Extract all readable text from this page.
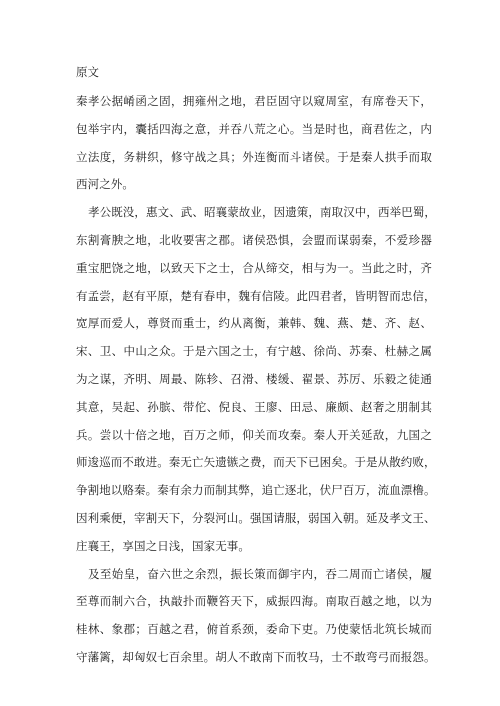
原文
秦孝公据崤函之固，拥雍州之地，君臣固守以窥周室，有席卷天下，
包举宇内，囊括四海之意，并吞八荒之心。当是时也，商君佐之，内
立法度，务耕织，修守战之具；外连衡而斗诸侯。于是秦人拱手而取
西河之外。
孝公既没，惠文、武、昭襄蒙故业，因遗策，南取汉中，西举巴蜀，
东割膏腴之地，北收要害之郡。诸侯恐惧，会盟而谋弱秦，不爱珍器
重宝肥饶之地，以致天下之士，合从缔交，相与为一。当此之时，齐
有孟尝，赵有平原，楚有春申，魏有信陵。此四君者，皆明智而忠信，
宽厚而爱人，尊贤而重士，约从离衡，兼韩、魏、燕、楚、齐、赵、
宋、卫、中山之众。于是六国之士，有宁越、徐尚、苏秦、杜赫之属
为之谋，齐明、周最、陈轸、召滑、楼缓、翟景、苏厉、乐毅之徒通
其意，吴起、孙膑、带佗、倪良、王廖、田忌、廉颇、赵奢之朋制其
兵。尝以十倍之地，百万之师，仰关而攻秦。秦人开关延敌，九国之
师逡巡而不敢进。秦无亡矢遗镞之费，而天下已困矣。于是从散约败，
争割地以赂秦。秦有余力而制其弊，追亡逐北，伏尸百万，流血漂橹。
因利乘便，宰割天下，分裂河山。强国请服，弱国入朝。延及孝文王、
庄襄王，享国之日浅，国家无事。
及至始皇，奋六世之余烈，振长策而御宇内，吞二周而亡诸侯，履
至尊而制六合，执敲扑而鞭笞天下，威振四海。南取百越之地，以为
桂林、象郡；百越之君，俯首系颈，委命下吏。乃使蒙恬北筑长城而
守藩篱，却匈奴七百余里。胡人不敢南下而牧马，士不敢弯弓而报怨。
